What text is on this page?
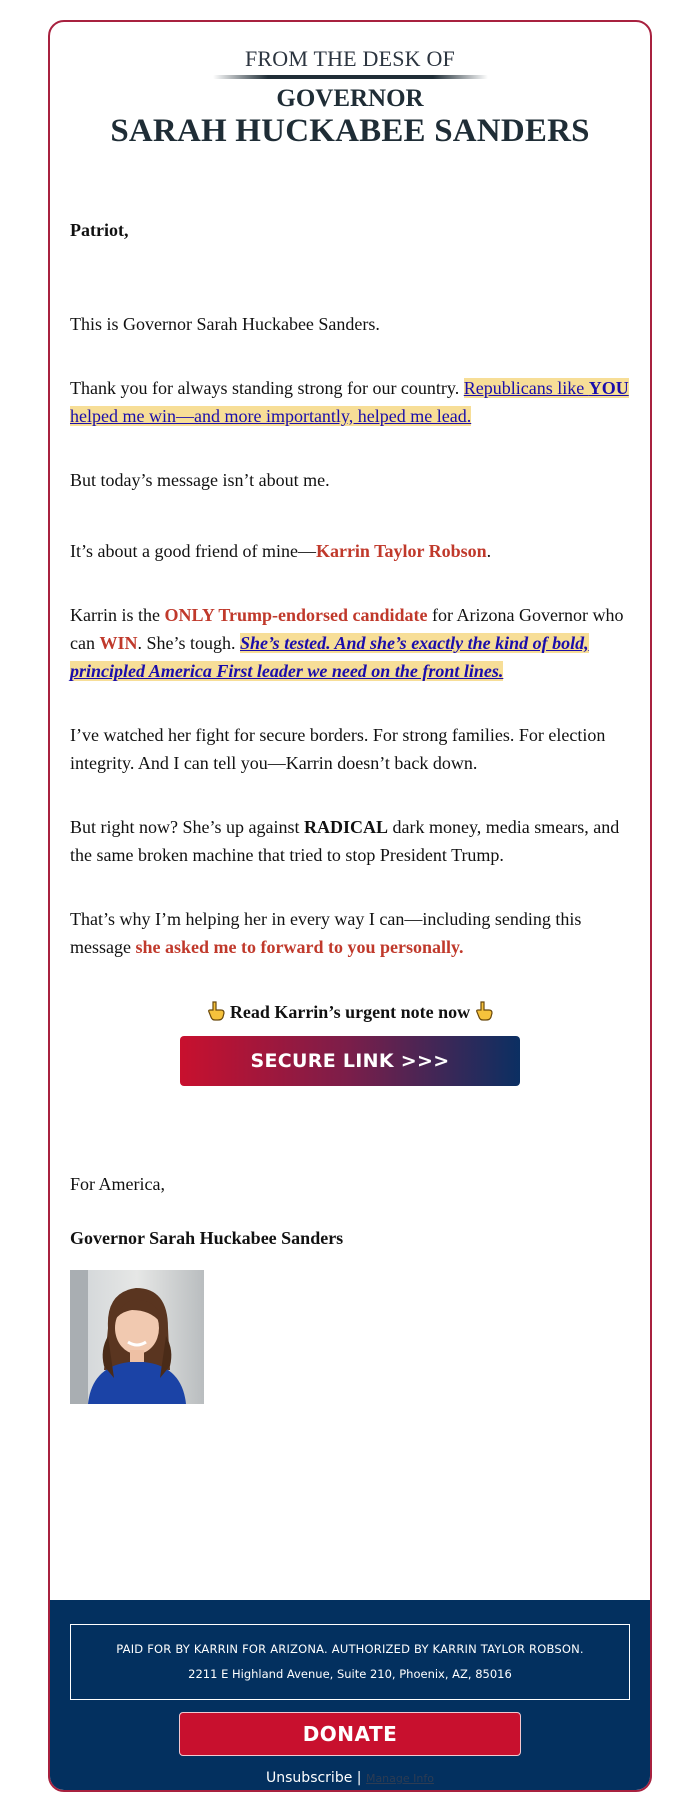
FROM THE DESK OF
GOVERNOR
SARAH HUCKABEE SANDERS

Patriot,

This is Governor Sarah Huckabee Sanders.

Thank you for always standing strong for our country. Republicans like YOU helped me win—and more importantly, helped me lead.

But today’s message isn’t about me.

It’s about a good friend of mine—Karrin Taylor Robson.

Karrin is the ONLY Trump-endorsed candidate for Arizona Governor who can WIN. She’s tough. She’s tested. And she’s exactly the kind of bold, principled America First leader we need on the front lines.

I’ve watched her fight for secure borders. For strong families. For election integrity. And I can tell you—Karrin doesn’t back down.

But right now? She’s up against RADICAL dark money, media smears, and the same broken machine that tried to stop President Trump.

That’s why I’m helping her in every way I can—including sending this message she asked me to forward to you personally.

Read Karrin’s urgent note now
SECURE LINK >>>

For America,

Governor Sarah Huckabee Sanders

PAID FOR BY KARRIN FOR ARIZONA. AUTHORIZED BY KARRIN TAYLOR ROBSON.
2211 E Highland Avenue, Suite 210, Phoenix, AZ, 85016
DONATE
Unsubscribe | Manage Info
